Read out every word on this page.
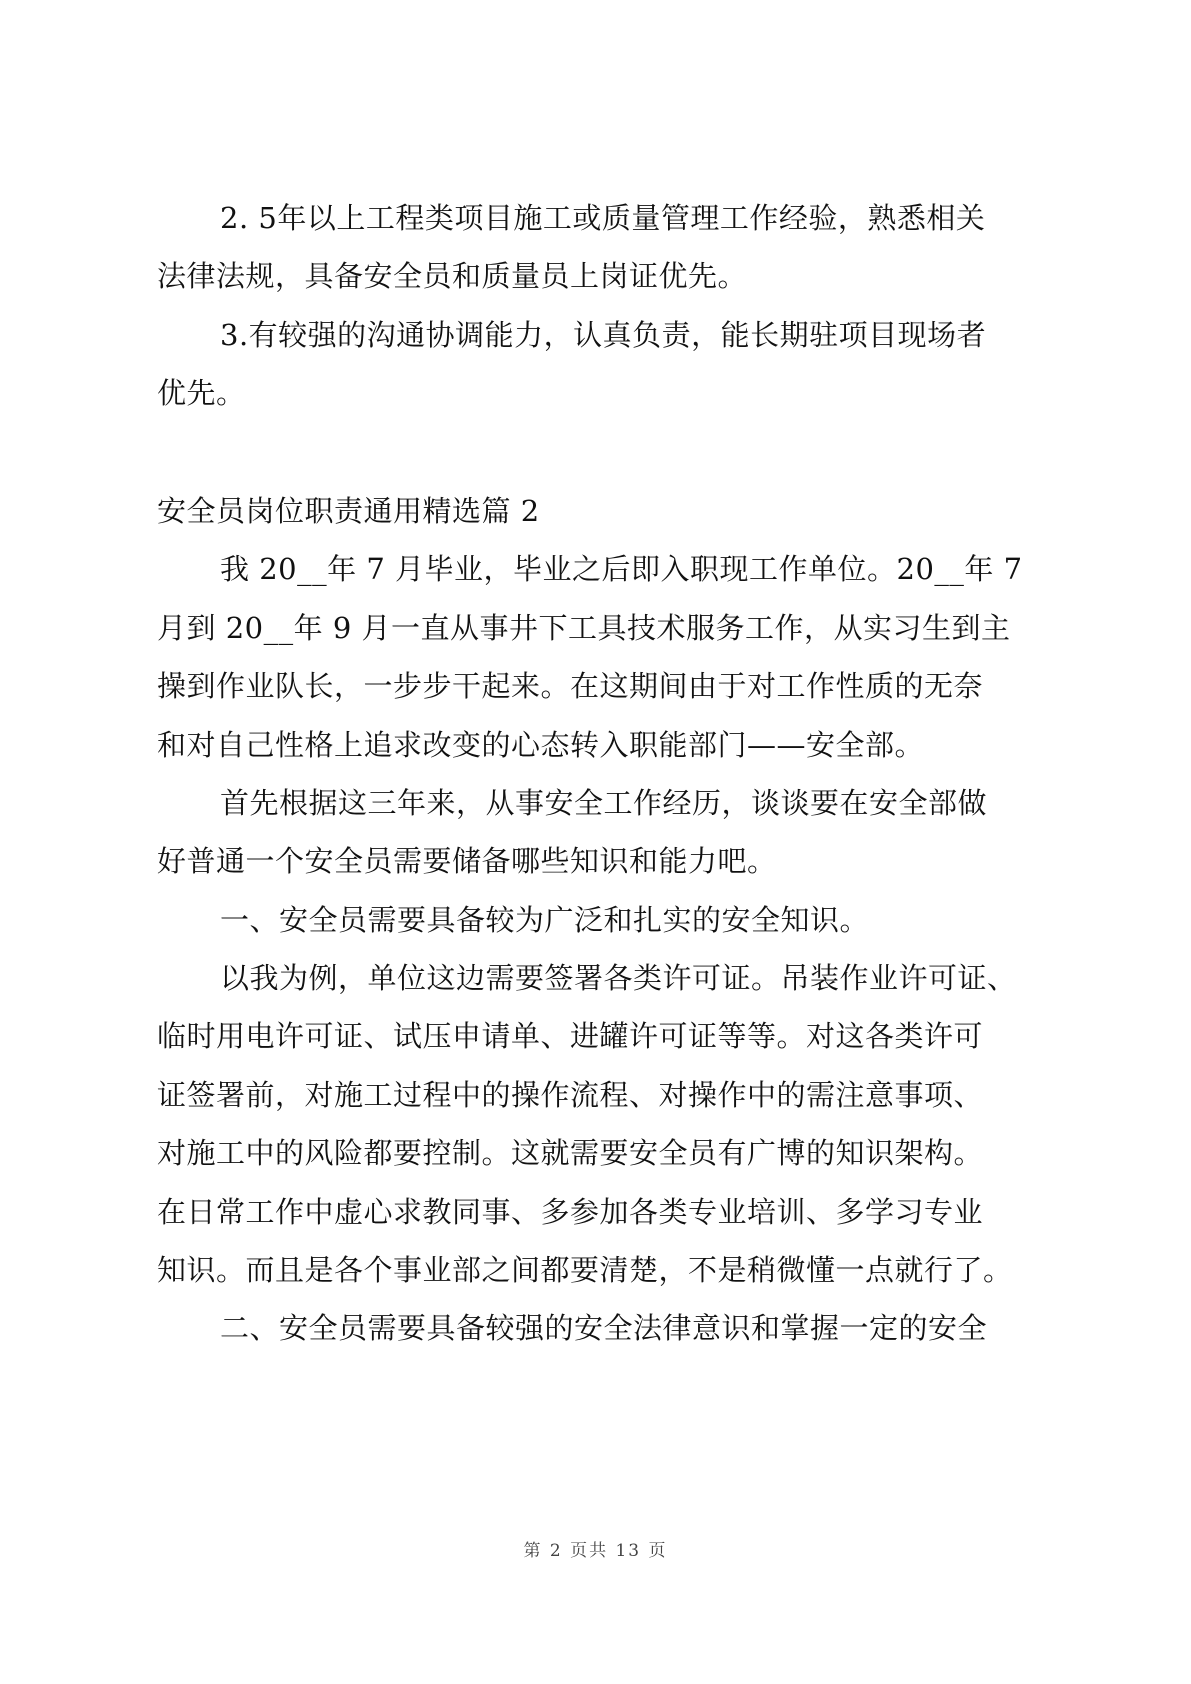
2. 5年以上工程类项目施工或质量管理工作经验，熟悉相关
法律法规，具备安全员和质量员上岗证优先。
3.有较强的沟通协调能力，认真负责，能长期驻项目现场者
优先。
安全员岗位职责通用精选篇 2
我 20__年 7 月毕业，毕业之后即入职现工作单位。20__年 7
月到 20__年 9 月一直从事井下工具技术服务工作，从实习生到主
操到作业队长，一步步干起来。在这期间由于对工作性质的无奈
和对自己性格上追求改变的心态转入职能部门——安全部。
首先根据这三年来，从事安全工作经历，谈谈要在安全部做
好普通一个安全员需要储备哪些知识和能力吧。
一、安全员需要具备较为广泛和扎实的安全知识。
以我为例，单位这边需要签署各类许可证。吊装作业许可证、
临时用电许可证、试压申请单、进罐许可证等等。对这各类许可
证签署前，对施工过程中的操作流程、对操作中的需注意事项、
对施工中的风险都要控制。这就需要安全员有广博的知识架构。
在日常工作中虚心求教同事、多参加各类专业培训、多学习专业
知识。而且是各个事业部之间都要清楚，不是稍微懂一点就行了。
二、安全员需要具备较强的安全法律意识和掌握一定的安全
第 2 页共 13 页
